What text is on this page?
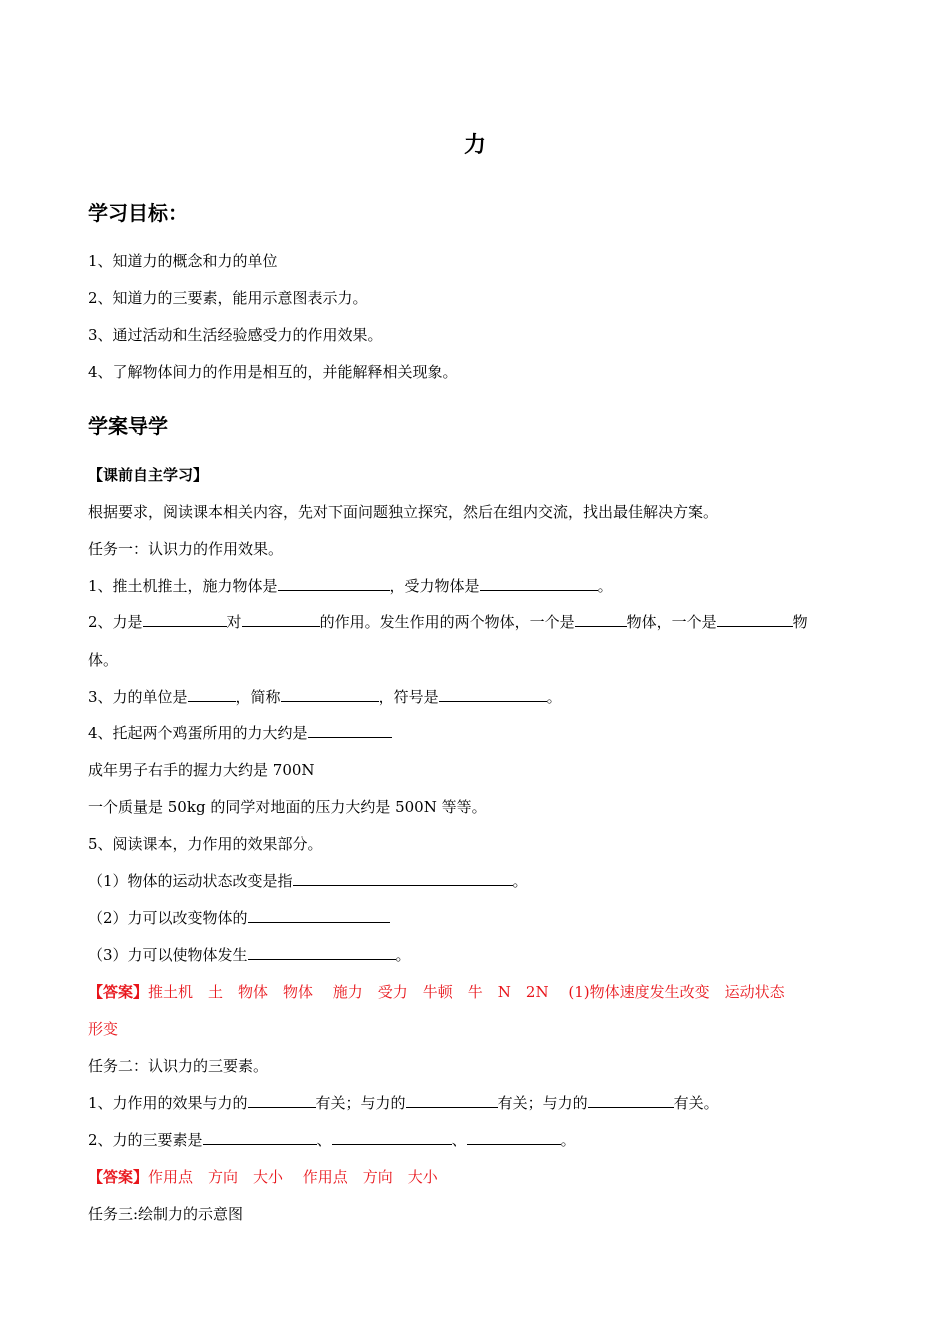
力
学习目标：
1、知道力的概念和力的单位
2、知道力的三要素，能用示意图表示力。
3、通过活动和生活经验感受力的作用效果。
4、了解物体间力的作用是相互的，并能解释相关现象。
学案导学
【课前自主学习】
根据要求，阅读课本相关内容，先对下面问题独立探究，然后在组内交流，找出最佳解决方案。
任务一：认识力的作用效果。
1、推土机推土，施力物体是	，受力物体是	。
2、力是	对	的作用。发生作用的两个物体，一个是	物体，一个是	物
体。
3、力的单位是	，简称	，符号是	。
4、托起两个鸡蛋所用的力大约是
成年男子右手的握力大约是 700N
一个质量是 50kg 的同学对地面的压力大约是 500N 等等。
5、阅读课本，力作用的效果部分。
（1）物体的运动状态改变是指	。
（2）力可以改变物体的
（3）力可以使物体发生	。
【答案】推土机　土　物体　物体　 施力　受力　牛顿　牛　N　2N　 (1)物体速度发生改变　运动状态
形变
任务二：认识力的三要素。
1、力作用的效果与力的	有关；与力的	有关；与力的	有关。
2、力的三要素是	、	、	。
【答案】作用点　方向　大小　 作用点　方向　大小
任务三:绘制力的示意图
